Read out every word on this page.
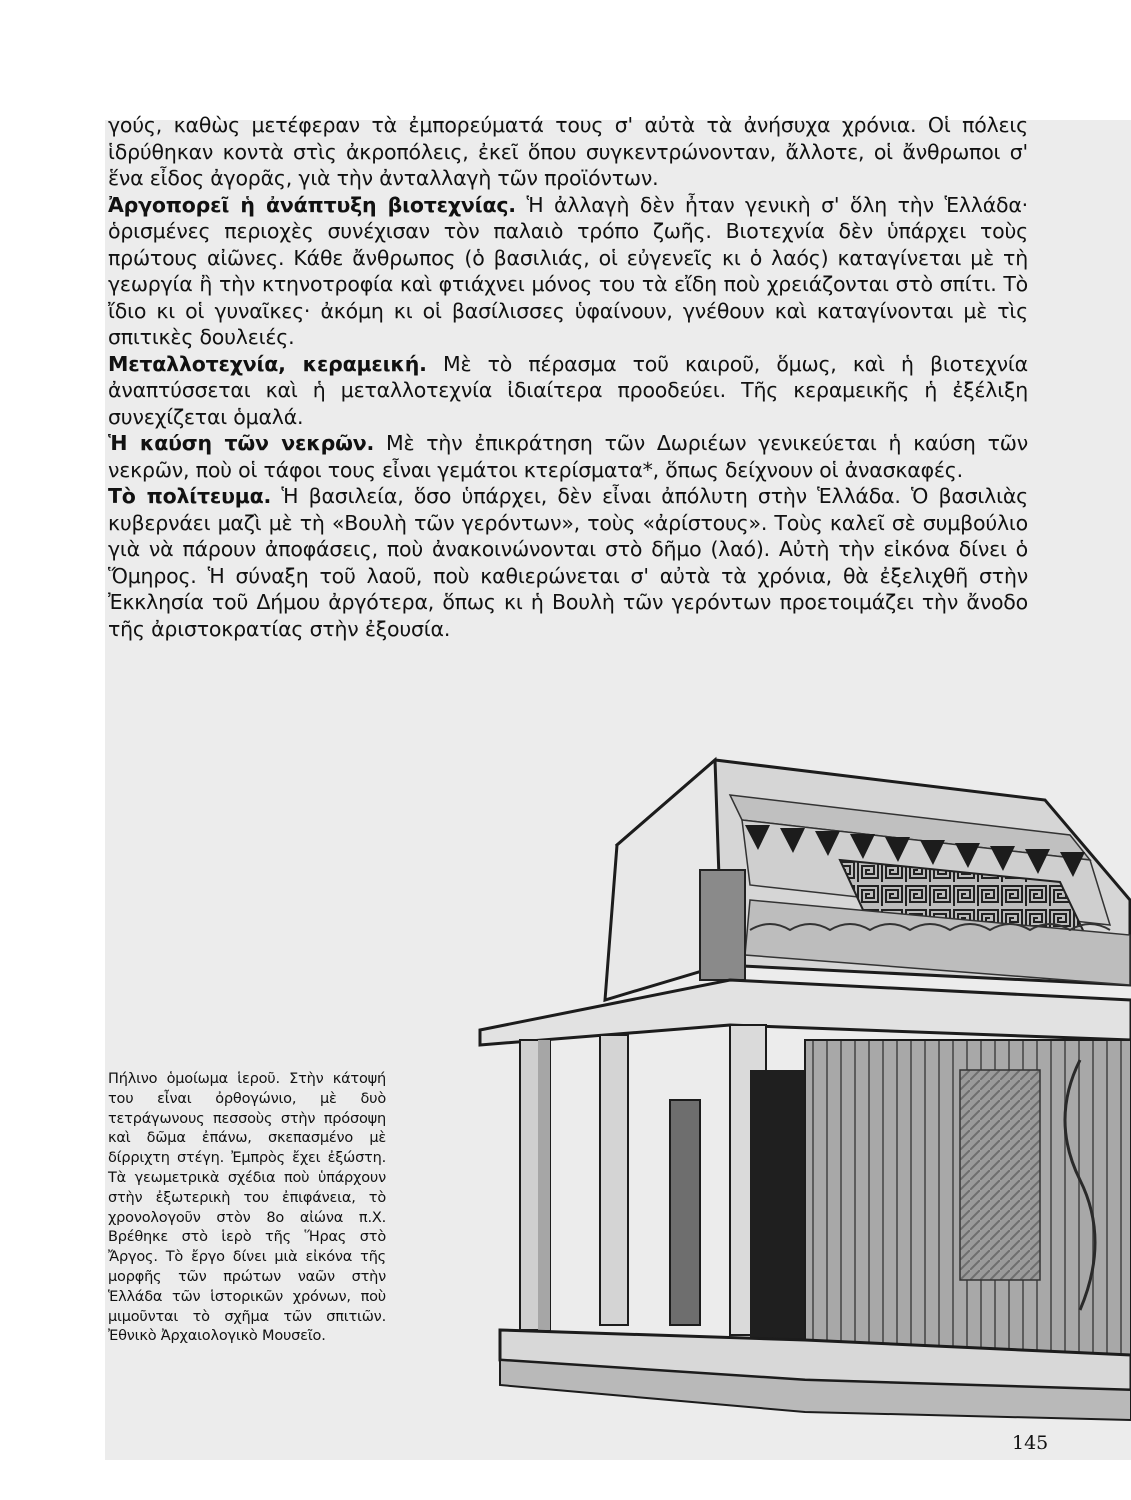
γούς, καθὼς μετέφεραν τὰ ἐμπορεύματά τους σ' αὐτὰ τὰ ἀνήσυχα χρόνια. Οἱ πόλεις ἱδρύθηκαν κοντὰ στὶς ἀκροπόλεις, ἐκεῖ ὅπου συγκεντρώνονταν, ἄλλοτε, οἱ ἄνθρωποι σ' ἕνα εἶδος ἀγορᾶς, γιὰ τὴν ἀνταλλαγὴ τῶν προϊόντων.

Ἀργοπορεῖ ἡ ἀνάπτυξη βιοτεχνίας. Ἡ ἀλλαγὴ δὲν ἦταν γενικὴ σ' ὅλη τὴν Ἑλλάδα· ὁρισμένες περιοχὲς συνέχισαν τὸν παλαιὸ τρόπο ζωῆς. Βιοτεχνία δὲν ὑπάρχει τοὺς πρώτους αἰῶνες. Κάθε ἄνθρωπος (ὁ βασιλιάς, οἱ εὐγενεῖς κι ὁ λαός) καταγίνεται μὲ τὴ γεωργία ἢ τὴν κτηνοτροφία καὶ φτιάχνει μόνος του τὰ εἴδη ποὺ χρειάζονται στὸ σπίτι. Τὸ ἴδιο κι οἱ γυναῖκες· ἀκόμη κι οἱ βασίλισσες ὑφαίνουν, γνέθουν καὶ καταγίνονται μὲ τὶς σπιτικὲς δουλειές.

Μεταλλοτεχνία, κεραμεική. Μὲ τὸ πέρασμα τοῦ καιροῦ, ὅμως, καὶ ἡ βιοτεχνία ἀναπτύσσεται καὶ ἡ μεταλλοτεχνία ἰδιαίτερα προοδεύει. Τῆς κεραμεικῆς ἡ ἐξέλιξη συνεχίζεται ὁμαλά.

Ἡ καύση τῶν νεκρῶν. Μὲ τὴν ἐπικράτηση τῶν Δωριέων γενικεύεται ἡ καύση τῶν νεκρῶν, ποὺ οἱ τάφοι τους εἶναι γεμάτοι κτερίσματα*, ὅπως δείχνουν οἱ ἀνασκαφές.

Τὸ πολίτευμα. Ἡ βασιλεία, ὅσο ὑπάρχει, δὲν εἶναι ἀπόλυτη στὴν Ἑλλάδα. Ὁ βασιλιὰς κυβερνάει μαζὶ μὲ τὴ «Βουλὴ τῶν γερόντων», τοὺς «ἀρίστους». Τοὺς καλεῖ σὲ συμβούλιο γιὰ νὰ πάρουν ἀποφάσεις, ποὺ ἀνακοινώνονται στὸ δῆμο (λαό). Αὐτὴ τὴν εἰκόνα δίνει ὁ Ὅμηρος. Ἡ σύναξη τοῦ λαοῦ, ποὺ καθιερώνεται σ' αὐτὰ τὰ χρόνια, θὰ ἐξελιχθῆ στὴν Ἐκκλησία τοῦ Δήμου ἀργότερα, ὅπως κι ἡ Βουλὴ τῶν γερόντων προετοιμάζει τὴν ἄνοδο τῆς ἀριστοκρατίας στὴν ἐξουσία.

Πήλινο ὁμοίωμα ἱεροῦ. Στὴν κάτοψή του εἶναι ὀρθογώνιο, μὲ δυὸ τετράγωνους πεσσοὺς στὴν πρόσοψη καὶ δῶμα ἐπάνω, σκεπασμένο μὲ δίρριχτη στέγη. Ἐμπρὸς ἔχει ἐξώστη. Τὰ γεωμετρικὰ σχέδια ποὺ ὑπάρχουν στὴν ἐξωτερικὴ του ἐπιφάνεια, τὸ χρονολογοῦν στὸν 8ο αἰώνα π.Χ. Βρέθηκε στὸ ἱερὸ τῆς Ἥρας στὸ Ἄργος. Τὸ ἔργο δίνει μιὰ εἰκόνα τῆς μορφῆς τῶν πρώτων ναῶν στὴν Ἑλλάδα τῶν ἱστορικῶν χρόνων, ποὺ μιμοῦνται τὸ σχῆμα τῶν σπιτιῶν. Ἐθνικὸ Ἀρχαιολογικὸ Μουσεῖο.
145
